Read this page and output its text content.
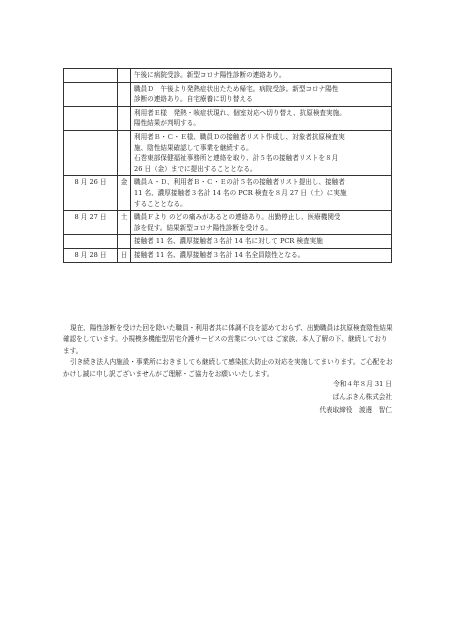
		午後に病院受診。新型コロナ陽性診断の連絡あり。
		職員Ｄ　午後より発熱症状出たため帰宅。病院受診。新型コロナ陽性
診断の連絡あり。自宅療養に切り替える
		利用者Ｅ様　発熱・咳症状現れ、個室対応へ切り替え、抗原検査実施。
陽性結果が判明する。
		利用者Ｂ・Ｃ・Ｅ様、職員Ｄの接触者リスト作成し、対象者抗原検査実
施、陰性結果確認して事業を継続する。
石巻東部保健福祉事務所と連絡を取り、計５名の接触者リストを８月
26 日（金）までに提出することとなる。
8 月 26 日	金	職員Ａ・Ｄ、利用者Ｂ・Ｃ・Ｅの計５名の接触者リスト提出し、接触者
11 名、濃厚接触者３名計 14 名の PCR 検査を８月 27 日（土）に実施
することとなる。
8 月 27 日	土	職員Ｆより のどの痛みがあるとの連絡あり。出勤停止し、医療機関受
診を促す。結果新型コロナ陽性診断を受ける。
		接触者 11 名、濃厚接触者３名計 14 名に対して PCR 検査実施
8 月 28 日	日	接触者 11 名、濃厚接触者３名計 14 名全員陰性となる。

現在、陽性診断を受けた回を除いた職員・利用者共に体調不良を認めておらず、出勤職員は抗原検査陰性結果確認をしています。小規模多機能型居宅介護サービスの営業については ご家族、本人了解の下、継続しております。

引き続き法人内施設・事業所におきましても継続して感染拡大防止の対応を実施してまいります。ご心配をおかけし誠に申し訳ございませんがご理解・ご協力をお願いいたします。

令和４年８月 31 日
ぱんぷきん株式会社
代表取締役　渡邊　智仁
